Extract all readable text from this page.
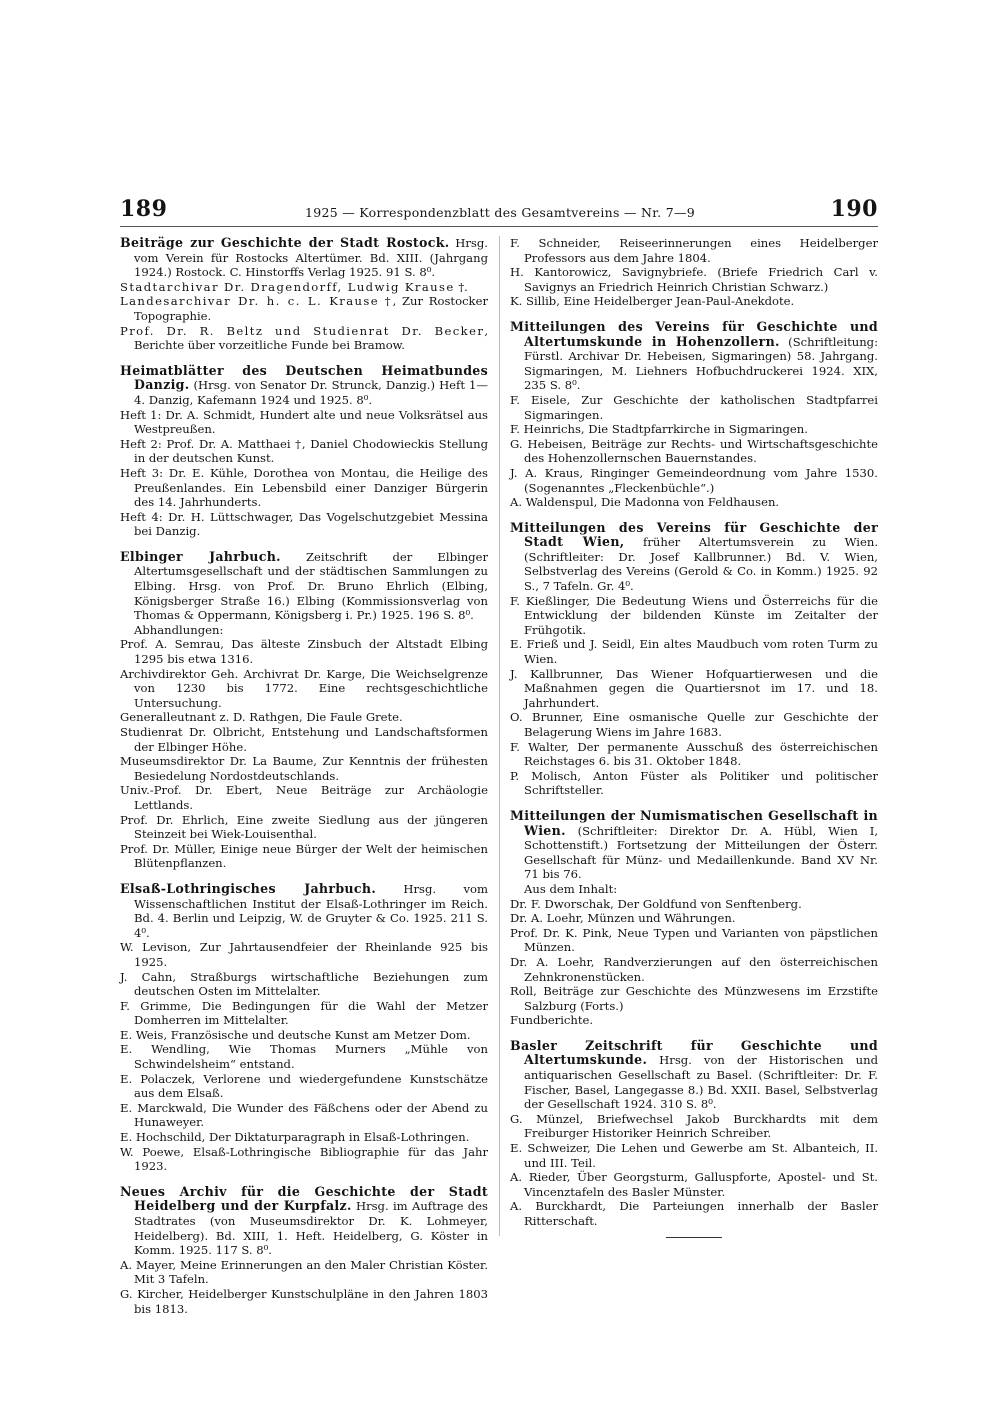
189	1925 — Korrespondenzblatt des Gesamtvereins — Nr. 7—9	190

Beiträge zur Geschichte der Stadt Rostock. Hrsg. vom Verein für Rostocks Altertümer. Bd. XIII. (Jahrgang 1924.) Rostock. C. Hinstorffs Verlag 1925. 91 S. 8⁰.

Stadtarchivar Dr. Dragendorff, Ludwig Krause †.

Landesarchivar Dr. h. c. L. Krause †, Zur Rostocker Topographie.

Prof. Dr. R. Beltz und Studienrat Dr. Becker, Berichte über vorzeitliche Funde bei Bramow.

Heimatblätter des Deutschen Heimatbundes Danzig. (Hrsg. von Senator Dr. Strunck, Danzig.) Heft 1—4. Danzig, Kafemann 1924 und 1925. 8⁰.

Heft 1: Dr. A. Schmidt, Hundert alte und neue Volksrätsel aus Westpreußen.

Heft 2: Prof. Dr. A. Matthaei †, Daniel Chodowieckis Stellung in der deutschen Kunst.

Heft 3: Dr. E. Kühle, Dorothea von Montau, die Heilige des Preußenlandes. Ein Lebensbild einer Danziger Bürgerin des 14. Jahrhunderts.

Heft 4: Dr. H. Lüttschwager, Das Vogelschutzgebiet Messina bei Danzig.

Elbinger Jahrbuch. Zeitschrift der Elbinger Altertumsgesellschaft und der städtischen Sammlungen zu Elbing. Hrsg. von Prof. Dr. Bruno Ehrlich (Elbing, Königsberger Straße 16.) Elbing (Kommissionsverlag von Thomas & Oppermann, Königsberg i. Pr.) 1925. 196 S. 8⁰.

Abhandlungen:

Prof. A. Semrau, Das älteste Zinsbuch der Altstadt Elbing 1295 bis etwa 1316.

Archivdirektor Geh. Archivrat Dr. Karge, Die Weichselgrenze von 1230 bis 1772. Eine rechtsgeschichtliche Untersuchung.

Generalleutnant z. D. Rathgen, Die Faule Grete.

Studienrat Dr. Olbricht, Entstehung und Landschaftsformen der Elbinger Höhe.

Museumsdirektor Dr. La Baume, Zur Kenntnis der frühesten Besiedelung Nordostdeutschlands.

Univ.-Prof. Dr. Ebert, Neue Beiträge zur Archäologie Lettlands.

Prof. Dr. Ehrlich, Eine zweite Siedlung aus der jüngeren Steinzeit bei Wiek-Louisenthal.

Prof. Dr. Müller, Einige neue Bürger der Welt der heimischen Blütenpflanzen.

Elsaß-Lothringisches Jahrbuch. Hrsg. vom Wissenschaftlichen Institut der Elsaß-Lothringer im Reich. Bd. 4. Berlin und Leipzig, W. de Gruyter & Co. 1925. 211 S. 4⁰.

W. Levison, Zur Jahrtausendfeier der Rheinlande 925 bis 1925.

J. Cahn, Straßburgs wirtschaftliche Beziehungen zum deutschen Osten im Mittelalter.

F. Grimme, Die Bedingungen für die Wahl der Metzer Domherren im Mittelalter.

E. Weis, Französische und deutsche Kunst am Metzer Dom.

E. Wendling, Wie Thomas Murners „Mühle von Schwindelsheim“ entstand.

E. Polaczek, Verlorene und wiedergefundene Kunstschätze aus dem Elsaß.

E. Marckwald, Die Wunder des Fäßchens oder der Abend zu Hunaweyer.

E. Hochschild, Der Diktaturparagraph in Elsaß-Lothringen.

W. Poewe, Elsaß-Lothringische Bibliographie für das Jahr 1923.

Neues Archiv für die Geschichte der Stadt Heidelberg und der Kurpfalz. Hrsg. im Auftrage des Stadtrates (von Museumsdirektor Dr. K. Lohmeyer, Heidelberg). Bd. XIII, 1. Heft. Heidelberg, G. Köster in Komm. 1925. 117 S. 8⁰.

A. Mayer, Meine Erinnerungen an den Maler Christian Köster. Mit 3 Tafeln.

G. Kircher, Heidelberger Kunstschulpläne in den Jahren 1803 bis 1813.

F. Schneider, Reiseerinnerungen eines Heidelberger Professors aus dem Jahre 1804.

H. Kantorowicz, Savignybriefe. (Briefe Friedrich Carl v. Savignys an Friedrich Heinrich Christian Schwarz.)

K. Sillib, Eine Heidelberger Jean-Paul-Anekdote.

Mitteilungen des Vereins für Geschichte und Altertumskunde in Hohenzollern. (Schriftleitung: Fürstl. Archivar Dr. Hebeisen, Sigmaringen) 58. Jahrgang. Sigmaringen, M. Liehners Hofbuchdruckerei 1924. XIX, 235 S. 8⁰.

F. Eisele, Zur Geschichte der katholischen Stadtpfarrei Sigmaringen.

F. Heinrichs, Die Stadtpfarrkirche in Sigmaringen.

G. Hebeisen, Beiträge zur Rechts- und Wirtschaftsgeschichte des Hohenzollernschen Bauernstandes.

J. A. Kraus, Ringinger Gemeindeordnung vom Jahre 1530. (Sogenanntes „Fleckenbüchle“.)

A. Waldenspul, Die Madonna von Feldhausen.

Mitteilungen des Vereins für Geschichte der Stadt Wien, früher Altertumsverein zu Wien. (Schriftleiter: Dr. Josef Kallbrunner.) Bd. V. Wien, Selbstverlag des Vereins (Gerold & Co. in Komm.) 1925. 92 S., 7 Tafeln. Gr. 4⁰.

F. Kießlinger, Die Bedeutung Wiens und Österreichs für die Entwicklung der bildenden Künste im Zeitalter der Frühgotik.

E. Frieß und J. Seidl, Ein altes Maudbuch vom roten Turm zu Wien.

J. Kallbrunner, Das Wiener Hofquartierwesen und die Maßnahmen gegen die Quartiersnot im 17. und 18. Jahrhundert.

O. Brunner, Eine osmanische Quelle zur Geschichte der Belagerung Wiens im Jahre 1683.

F. Walter, Der permanente Ausschuß des österreichischen Reichstages 6. bis 31. Oktober 1848.

P. Molisch, Anton Füster als Politiker und politischer Schriftsteller.

Mitteilungen der Numismatischen Gesellschaft in Wien. (Schriftleiter: Direktor Dr. A. Hübl, Wien I, Schottenstift.) Fortsetzung der Mitteilungen der Österr. Gesellschaft für Münz- und Medaillenkunde. Band XV Nr. 71 bis 76.

Aus dem Inhalt:

Dr. F. Dworschak, Der Goldfund von Senftenberg.

Dr. A. Loehr, Münzen und Währungen.

Prof. Dr. K. Pink, Neue Typen und Varianten von päpstlichen Münzen.

Dr. A. Loehr, Randverzierungen auf den österreichischen Zehnkronenstücken.

Roll, Beiträge zur Geschichte des Münzwesens im Erzstifte Salzburg (Forts.)

Fundberichte.

Basler Zeitschrift für Geschichte und Altertumskunde. Hrsg. von der Historischen und antiquarischen Gesellschaft zu Basel. (Schriftleiter: Dr. F. Fischer, Basel, Langegasse 8.) Bd. XXII. Basel, Selbstverlag der Gesellschaft 1924. 310 S. 8⁰.

G. Münzel, Briefwechsel Jakob Burckhardts mit dem Freiburger Historiker Heinrich Schreiber.

E. Schweizer, Die Lehen und Gewerbe am St. Albanteich, II. und III. Teil.

A. Rieder, Über Georgsturm, Galluspforte, Apostel- und St. Vincenztafeln des Basler Münster.

A. Burckhardt, Die Parteiungen innerhalb der Basler Ritterschaft.
